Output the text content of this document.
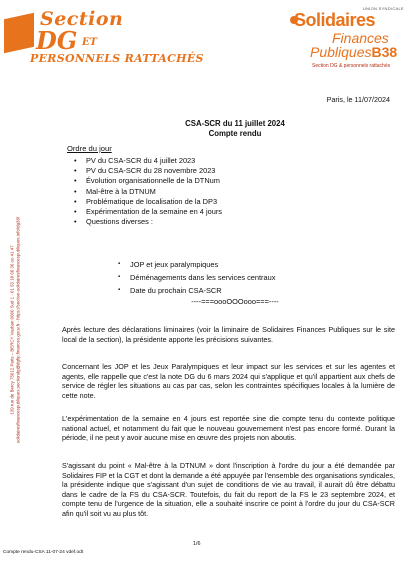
Section
DG ET
PERSONNELS RATTACHÉS
UNION SYNDICALE
Solidaires
Finances
PubliquesB38
Section DG & personnels rattachés
139 rue de Bercy 75012 Paris – BERCY Vauban 0660 Sud 1 - 01 53 18 66 36 ou 41 47 solidairesfinancespubliques.sectiondg@dgfip.finances.gouv.fr - https://section-solidairesfinancespubliques.info/dg38/
Paris, le 11/07/2024
CSA-SCR du 11 juillet 2024
Compte rendu
Ordre du jour
• PV du CSA-SCR du 4 juillet 2023
• PV du CSA-SCR du 28 novembre 2023
• Évolution organisationnelle de la DTNum
• Mal-être à la DTNUM
• Problématique de localisation de la DP3
• Expérimentation de la semaine en 4 jours
• Questions diverses :
▪ JOP et jeux paralympiques
▪ Déménagements dans les services centraux
▪ Date du prochain CSA-SCR
----===oooOOOooo===----

Après lecture des déclarations liminaires (voir la liminaire de Solidaires Finances Publiques sur le site local de la section), la présidente apporte les précisions suivantes.

Concernant les JOP et les Jeux Paralympiques et leur impact sur les services et sur les agentes et agents, elle rappelle que c'est la note DG du 6 mars 2024 qui s'applique et qu'il appartient aux chefs de service de régler les situations au cas par cas, selon les contraintes spécifiques locales à la lumière de cette note.

L'expérimentation de la semaine en 4 jours est reportée sine die compte tenu du contexte politique national actuel, et notamment du fait que le nouveau gouvernement n'est pas encore formé. Durant la période, il ne peut y avoir aucune mise en œuvre des projets non aboutis.

S'agissant du point « Mal-être à la DTNUM » dont l'inscription à l'ordre du jour a été demandée par Solidaires FIP et la CGT et dont la demande a été appuyée par l'ensemble des organisations syndicales, la présidente indique que s'agissant d'un sujet de conditions de vie au travail, il aurait dû être débattu dans le cadre de la FS du CSA-SCR. Toutefois, du fait du report de la FS le 23 septembre 2024, et compte tenu de l'urgence de la situation, elle a souhaité inscrire ce point à l'ordre du jour du CSA-SCR afin qu'il soit vu au plus tôt.

1/6
Compte rendu-CSA 11-07-24 vdef.odt
